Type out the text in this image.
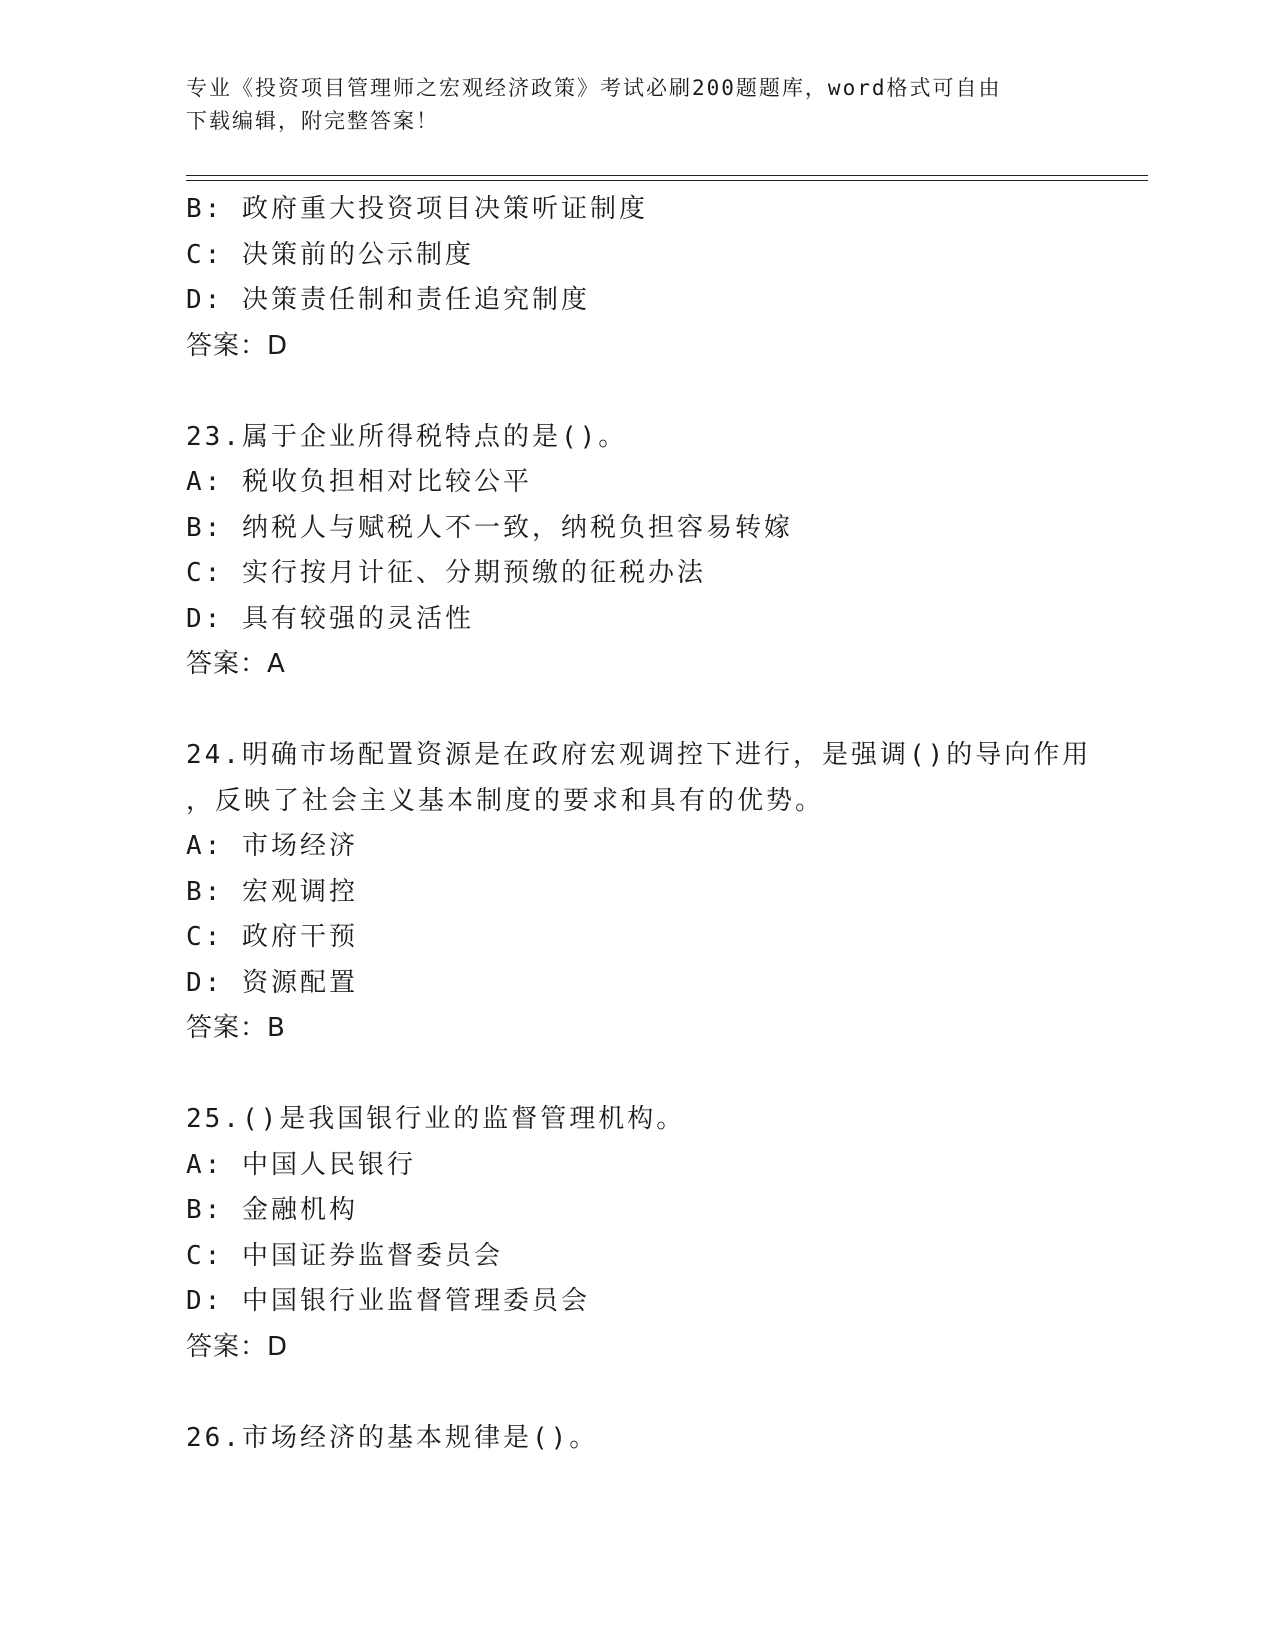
专业《投资项目管理师之宏观经济政策》考试必刷200题题库，word格式可自由
下载编辑，附完整答案！
B: 政府重大投资项目决策听证制度
C: 决策前的公示制度
D: 决策责任制和责任追究制度
答案：D
23.属于企业所得税特点的是()。
A: 税收负担相对比较公平
B: 纳税人与赋税人不一致，纳税负担容易转嫁
C: 实行按月计征、分期预缴的征税办法
D: 具有较强的灵活性
答案：A
24.明确市场配置资源是在政府宏观调控下进行，是强调()的导向作用
，反映了社会主义基本制度的要求和具有的优势。
A: 市场经济
B: 宏观调控
C: 政府干预
D: 资源配置
答案：B
25.()是我国银行业的监督管理机构。
A: 中国人民银行
B: 金融机构
C: 中国证券监督委员会
D: 中国银行业监督管理委员会
答案：D
26.市场经济的基本规律是()。
